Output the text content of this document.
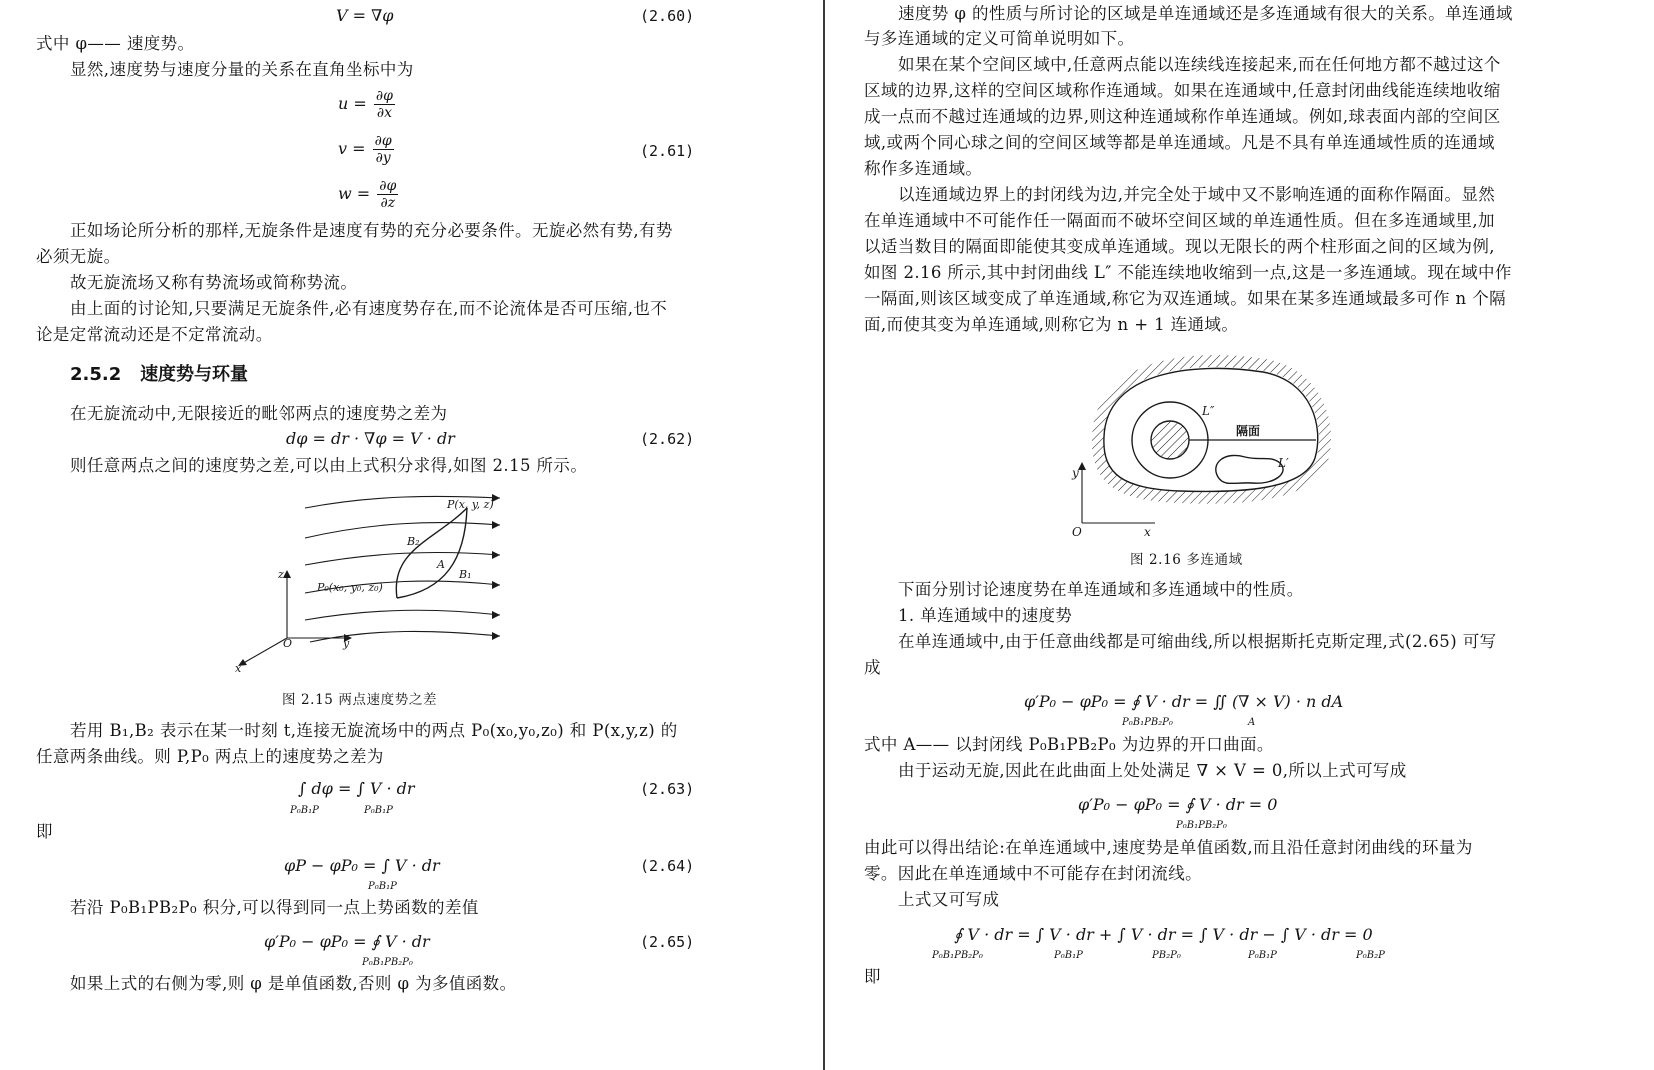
V = ∇φ	(2.60)
式中 φ—— 速度势。
显然,速度势与速度分量的关系在直角坐标中为
$u = \frac{\partial\varphi}{\partial x}$
$v = \frac{\partial\varphi}{\partial y}$	(2.61)
$w = \frac{\partial\varphi}{\partial z}$
正如场论所分析的那样,无旋条件是速度有势的充分必要条件。无旋必然有势,有势
必须无旋。
故无旋流场又称有势流场或简称势流。
由上面的讨论知,只要满足无旋条件,必有速度势存在,而不论流体是否可压缩,也不
论是定常流动还是不定常流动。
2.5.2 速度势与环量
在无旋流动中,无限接近的毗邻两点的速度势之差为
dφ = dr · ∇φ = V · dr	(2.62)
则任意两点之间的速度势之差,可以由上式积分求得,如图 2.15 所示。
P(x, y, z)
B₂
A
B₁
P₀(x₀, y₀, z₀)
z
O	y
x
图 2.15 两点速度势之差
若用 B₁,B₂ 表示在某一时刻 t,连接无旋流场中的两点 P₀(x₀,y₀,z₀) 和 P(x,y,z) 的
任意两条曲线。则 P,P₀ 两点上的速度势之差为
∫ dφ = ∫ V · dr
P₀B₁P	P₀B₁P
(2.63)
即
φP − φP₀ = ∫ V · dr
P₀B₁P
(2.64)
若沿 P₀B₁PB₂P₀ 积分,可以得到同一点上势函数的差值
φ′P₀ − φP₀ = ∮ V · dr
P₀B₁PB₂P₀
(2.65)
如果上式的右侧为零,则 φ 是单值函数,否则 φ 为多值函数。
速度势 φ 的性质与所讨论的区域是单连通域还是多连通域有很大的关系。单连通域
与多连通域的定义可简单说明如下。
如果在某个空间区域中,任意两点能以连续线连接起来,而在任何地方都不越过这个
区域的边界,这样的空间区域称作连通域。如果在连通域中,任意封闭曲线能连续地收缩
成一点而不越过连通域的边界,则这种连通域称作单连通域。例如,球表面内部的空间区
域,或两个同心球之间的空间区域等都是单连通域。凡是不具有单连通域性质的连通域
称作多连通域。
以连通域边界上的封闭线为边,并完全处于域中又不影响连通的面称作隔面。显然
在单连通域中不可能作任一隔面而不破坏空间区域的单连通性质。但在多连通域里,加
以适当数目的隔面即能使其变成单连通域。现以无限长的两个柱形面之间的区域为例,
如图 2.16 所示,其中封闭曲线 L″ 不能连续地收缩到一点,这是一多连通域。现在域中作
一隔面,则该区域变成了单连通域,称它为双连通域。如果在某多连通域最多可作 n 个隔
面,而使其变为单连通域,则称它为 n + 1 连通域。
L″
L′
y
O	x
隔面
图 2.16 多连通域
下面分别讨论速度势在单连通域和多连通域中的性质。
1. 单连通域中的速度势
在单连通域中,由于任意曲线都是可缩曲线,所以根据斯托克斯定理,式(2.65) 可写
成
φ′P₀ − φP₀ = ∮ V · dr = ∬ (∇ × V) · n dA
P₀B₁PB₂P₀	A
式中 A—— 以封闭线 P₀B₁PB₂P₀ 为边界的开口曲面。
由于运动无旋,因此在此曲面上处处满足 ∇ × V = 0,所以上式可写成
φ′P₀ − φP₀ = ∮ V · dr = 0
P₀B₁PB₂P₀
由此可以得出结论:在单连通域中,速度势是单值函数,而且沿任意封闭曲线的环量为
零。因此在单连通域中不可能存在封闭流线。
上式又可写成
∮ V · dr = ∫ V · dr + ∫ V · dr = ∫ V · dr − ∫ V · dr = 0
P₀B₁PB₂P₀	P₀B₁P	PB₂P₀	P₀B₁P	P₀B₂P
即
